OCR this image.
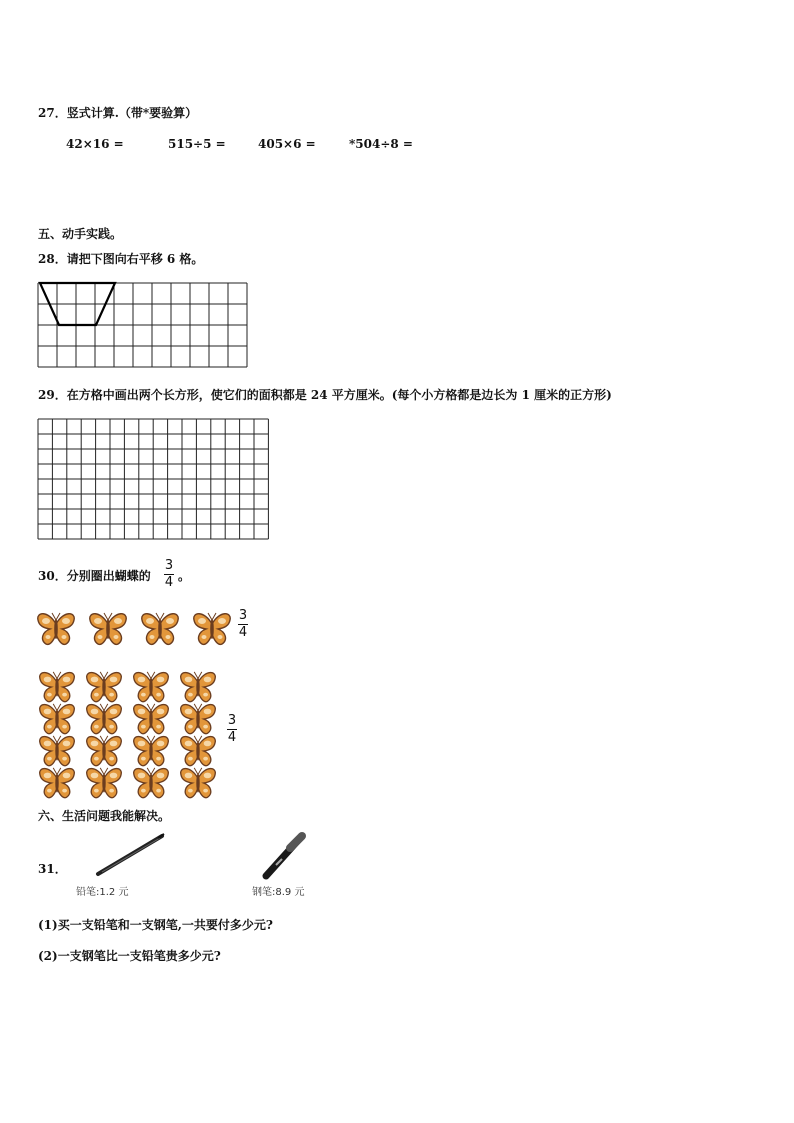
27．竖式计算.（带*要验算）
42×16 =	515÷5 =	405×6 =	*504÷8 =
五、动手实践。
28．请把下图向右平移 6 格。
29．在方格中画出两个长方形，使它们的面积都是 24 平方厘米。(每个小方格都是边长为 1 厘米的正方形)
30．分别圈出蝴蝶的
3
4 。
3
4
3
4
六、生活问题我能解决。
31．
铅笔:1.2 元	钢笔:8.9 元
(1)买一支铅笔和一支钢笔,一共要付多少元?
(2)一支钢笔比一支铅笔贵多少元?
